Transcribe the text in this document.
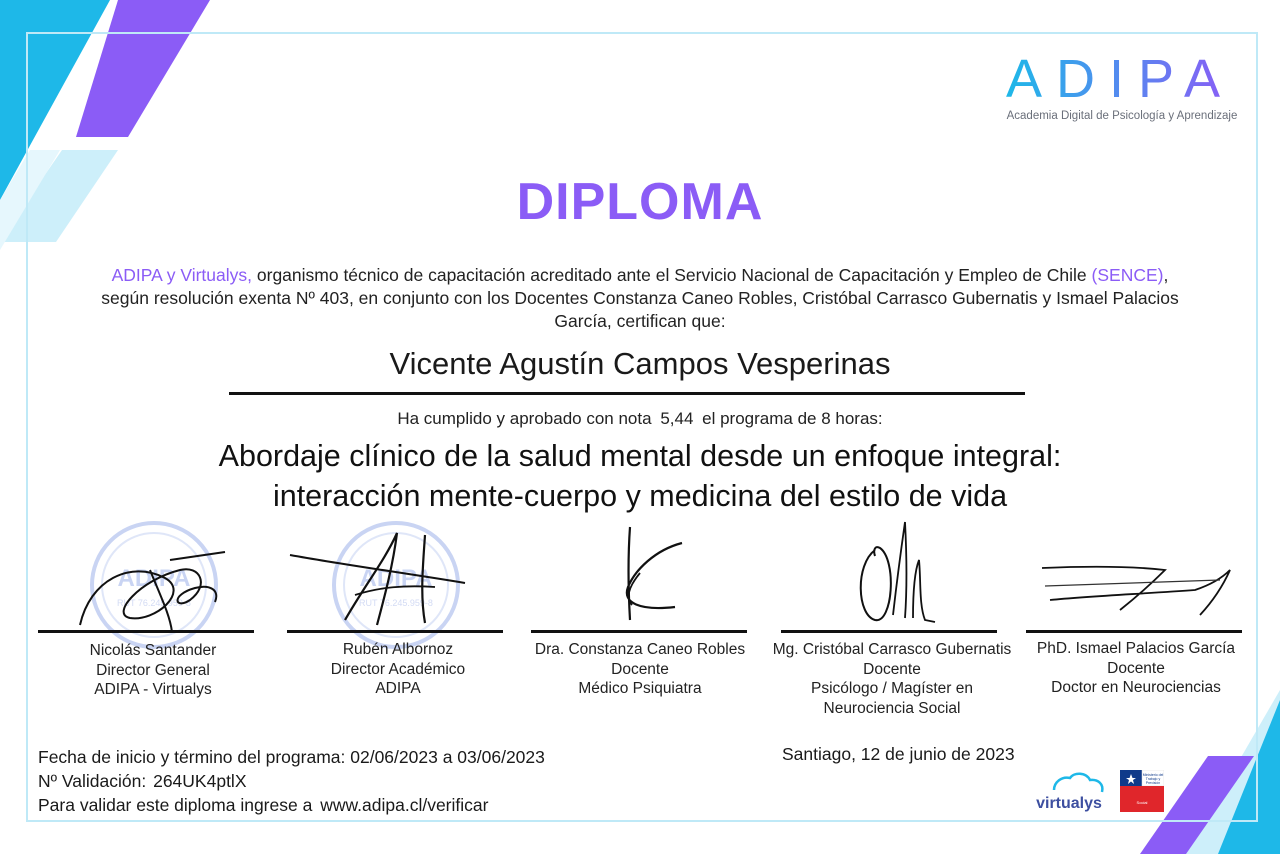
ADIPA
Academia Digital de Psicología y Aprendizaje
DIPLOMA
ADIPA y Virtualys, organismo técnico de capacitación acreditado ante el Servicio Nacional de Capacitación y Empleo de Chile (SENCE), según resolución exenta Nº 403, en conjunto con los Docentes Constanza Caneo Robles, Cristóbal Carrasco Gubernatis y Ismael Palacios García, certifican que:
Vicente Agustín Campos Vesperinas
Ha cumplido y aprobado con nota 5,44 el programa de 8 horas:
Abordaje clínico de la salud mental desde un enfoque integral:
interacción mente-cuerpo y medicina del estilo de vida
ADIPA
RUT 76.245.959-8
ADIPA
RUT 76.245.959-8
Nicolás Santander
Director General
ADIPA - Virtualys
Rubén Albornoz
Director Académico
ADIPA
Dra. Constanza Caneo Robles
Docente
Médico Psiquiatra
Mg. Cristóbal Carrasco Gubernatis
Docente
Psicólogo / Magíster en
Neurociencia Social
PhD. Ismael Palacios García
Docente
Doctor en Neurociencias
Fecha de inicio y término del programa: 02/06/2023 a 03/06/2023
Nº Validación: 264UK4ptlX
Para validar este diploma ingrese a www.adipa.cl/verificar
Santiago, 12 de junio de 2023
virtualys
Ministerio del
Trabajo y
Previsión
Social
